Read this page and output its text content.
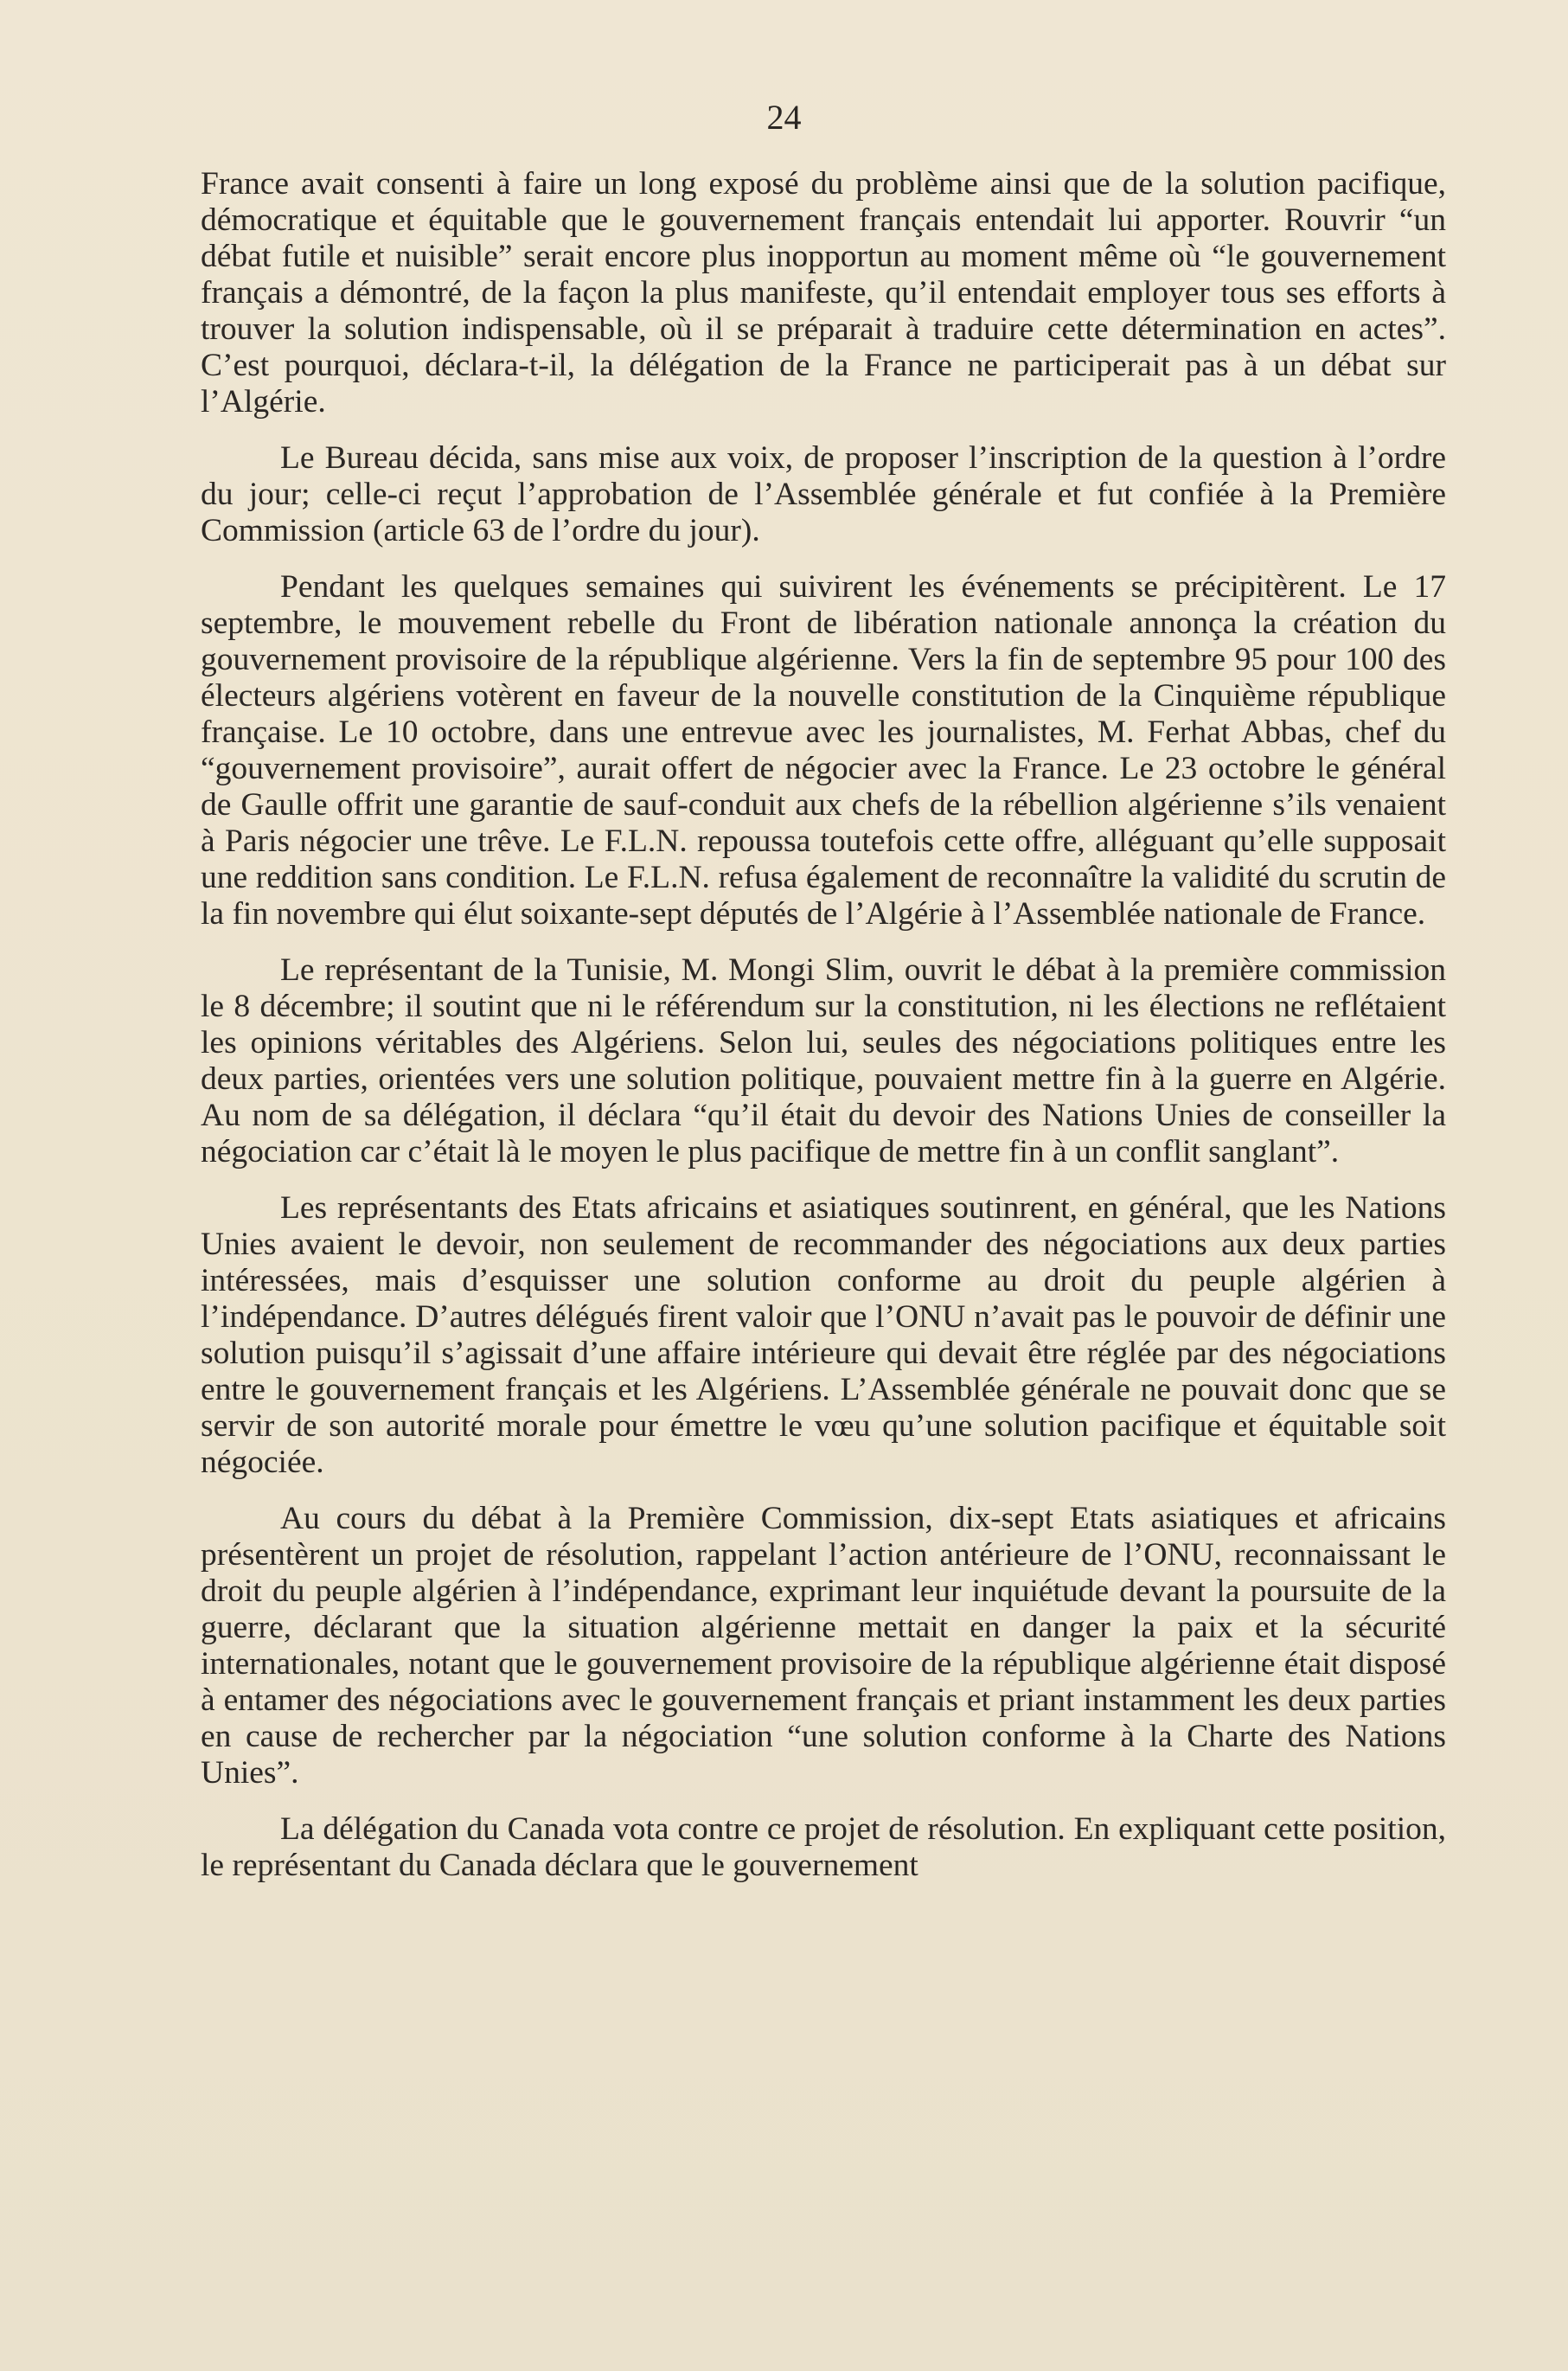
24

France avait consenti à faire un long exposé du problème ainsi que de la solution pacifique, démocratique et équitable que le gouvernement français entendait lui apporter. Rouvrir “un débat futile et nuisible” serait encore plus inopportun au moment même où “le gouvernement français a démontré, de la façon la plus manifeste, qu’il entendait employer tous ses efforts à trouver la solution indispensable, où il se préparait à traduire cette détermination en actes”. C’est pourquoi, déclara-t-il, la délégation de la France ne participerait pas à un débat sur l’Algérie.

Le Bureau décida, sans mise aux voix, de proposer l’inscription de la question à l’ordre du jour; celle-ci reçut l’approbation de l’Assemblée générale et fut confiée à la Première Commission (article 63 de l’ordre du jour).

Pendant les quelques semaines qui suivirent les événements se précipitèrent. Le 17 septembre, le mouvement rebelle du Front de libération nationale annonça la création du gouvernement provisoire de la république algérienne. Vers la fin de septembre 95 pour 100 des électeurs algériens votèrent en faveur de la nouvelle constitution de la Cinquième république française. Le 10 octobre, dans une entrevue avec les journalistes, M. Ferhat Abbas, chef du “gouvernement provisoire”, aurait offert de négocier avec la France. Le 23 octobre le général de Gaulle offrit une garantie de sauf-conduit aux chefs de la rébellion algérienne s’ils venaient à Paris négocier une trêve. Le F.L.N. repoussa toutefois cette offre, alléguant qu’elle supposait une reddition sans condition. Le F.L.N. refusa également de reconnaître la validité du scrutin de la fin novembre qui élut soixante-sept députés de l’Algérie à l’Assemblée nationale de France.

Le représentant de la Tunisie, M. Mongi Slim, ouvrit le débat à la première commission le 8 décembre; il soutint que ni le référendum sur la constitution, ni les élections ne reflétaient les opinions véritables des Algériens. Selon lui, seules des négociations politiques entre les deux parties, orientées vers une solution politique, pouvaient mettre fin à la guerre en Algérie. Au nom de sa délégation, il déclara “qu’il était du devoir des Nations Unies de conseiller la négociation car c’était là le moyen le plus pacifique de mettre fin à un conflit sanglant”.

Les représentants des Etats africains et asiatiques soutinrent, en général, que les Nations Unies avaient le devoir, non seulement de recommander des négociations aux deux parties intéressées, mais d’esquisser une solution conforme au droit du peuple algérien à l’indépendance. D’autres délégués firent valoir que l’ONU n’avait pas le pouvoir de définir une solution puisqu’il s’agissait d’une affaire intérieure qui devait être réglée par des négociations entre le gouvernement français et les Algériens. L’Assemblée générale ne pouvait donc que se servir de son autorité morale pour émettre le vœu qu’une solution pacifique et équitable soit négociée.

Au cours du débat à la Première Commission, dix-sept Etats asiatiques et africains présentèrent un projet de résolution, rappelant l’action antérieure de l’ONU, reconnaissant le droit du peuple algérien à l’indépendance, exprimant leur inquiétude devant la poursuite de la guerre, déclarant que la situation algérienne mettait en danger la paix et la sécurité internationales, notant que le gouvernement provisoire de la république algérienne était disposé à entamer des négociations avec le gouvernement français et priant instamment les deux parties en cause de rechercher par la négociation “une solution conforme à la Charte des Nations Unies”.

La délégation du Canada vota contre ce projet de résolution. En expliquant cette position, le représentant du Canada déclara que le gouvernement
